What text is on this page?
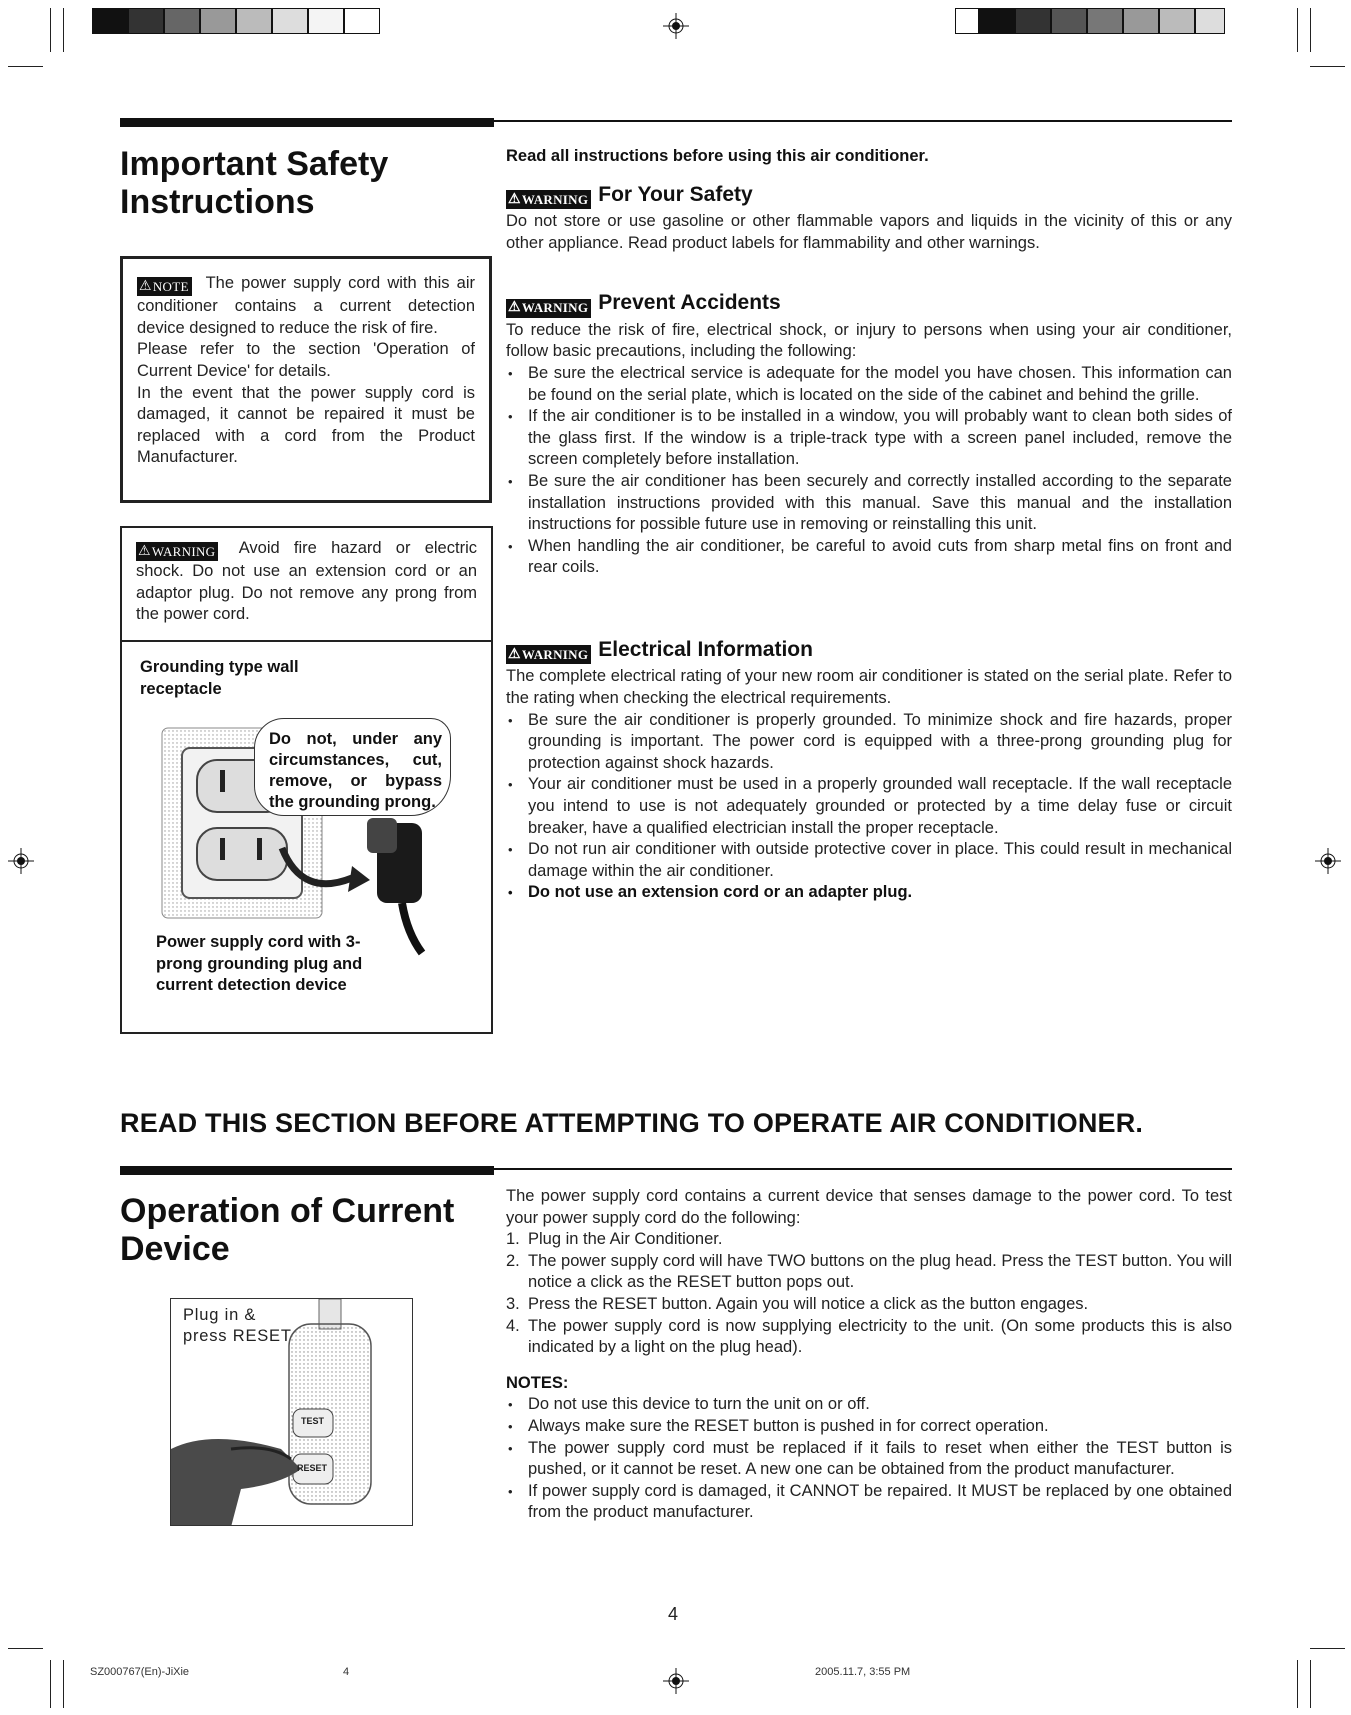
Important Safety Instructions

⚠ NOTE The power supply cord with this air conditioner contains a current detection device designed to reduce the risk of fire.

Please refer to the section 'Operation of Current Device' for details.

In the event that the power supply cord is damaged, it cannot be repaired it must be replaced with a cord from the Product Manufacturer.

⚠ WARNING Avoid fire hazard or electric shock. Do not use an extension cord or an adaptor plug. Do not remove any prong from the power cord.

Grounding type wall receptacle

Do not, under any circumstances, cut, remove, or bypass the grounding prong.

Power supply cord with 3-prong grounding plug and current detection device

Read all instructions before using this air conditioner.

⚠ WARNING For Your Safety

Do not store or use gasoline or other flammable vapors and liquids in the vicinity of this or any other appliance. Read product labels for flammability and other warnings.

⚠ WARNING Prevent Accidents

To reduce the risk of fire, electrical shock, or injury to persons when using your air conditioner, follow basic precautions, including the following:

• Be sure the electrical service is adequate for the model you have chosen. This information can be found on the serial plate, which is located on the side of the cabinet and behind the grille.
• If the air conditioner is to be installed in a window, you will probably want to clean both sides of the glass first. If the window is a triple-track type with a screen panel included, remove the screen completely before installation.
• Be sure the air conditioner has been securely and correctly installed according to the separate installation instructions provided with this manual. Save this manual and the installation instructions for possible future use in removing or reinstalling this unit.
• When handling the air conditioner, be careful to avoid cuts from sharp metal fins on front and rear coils.
⚠ WARNING Electrical Information

The complete electrical rating of your new room air conditioner is stated on the serial plate. Refer to the rating when checking the electrical requirements.

• Be sure the air conditioner is properly grounded. To minimize shock and fire hazards, proper grounding is important. The power cord is equipped with a three-prong grounding plug for protection against shock hazards.
• Your air conditioner must be used in a properly grounded wall receptacle. If the wall receptacle you intend to use is not adequately grounded or protected by a time delay fuse or circuit breaker, have a qualified electrician install the proper receptacle.
• Do not run air conditioner with outside protective cover in place. This could result in mechanical damage within the air conditioner.
• Do not use an extension cord or an adapter plug.
READ THIS SECTION BEFORE ATTEMPTING TO OPERATE AIR CONDITIONER.
Operation of Current Device
Plug in & press RESET
TEST
RESET

The power supply cord contains a current device that senses damage to the power cord. To test your power supply cord do the following:

1. Plug in the Air Conditioner.
2. The power supply cord will have TWO buttons on the plug head. Press the TEST button. You will notice a click as the RESET button pops out.
3. Press the RESET button. Again you will notice a click as the button engages.
4. The power supply cord is now supplying electricity to the unit. (On some products this is also indicated by a light on the plug head).

NOTES:

• Do not use this device to turn the unit on or off.
• Always make sure the RESET button is pushed in for correct operation.
• The power supply cord must be replaced if it fails to reset when either the TEST button is pushed, or it cannot be reset. A new one can be obtained from the product manufacturer.
• If power supply cord is damaged, it CANNOT be repaired. It MUST be replaced by one obtained from the product manufacturer.
4
SZ000767(En)-JiXie	4	2005.11.7, 3:55 PM
